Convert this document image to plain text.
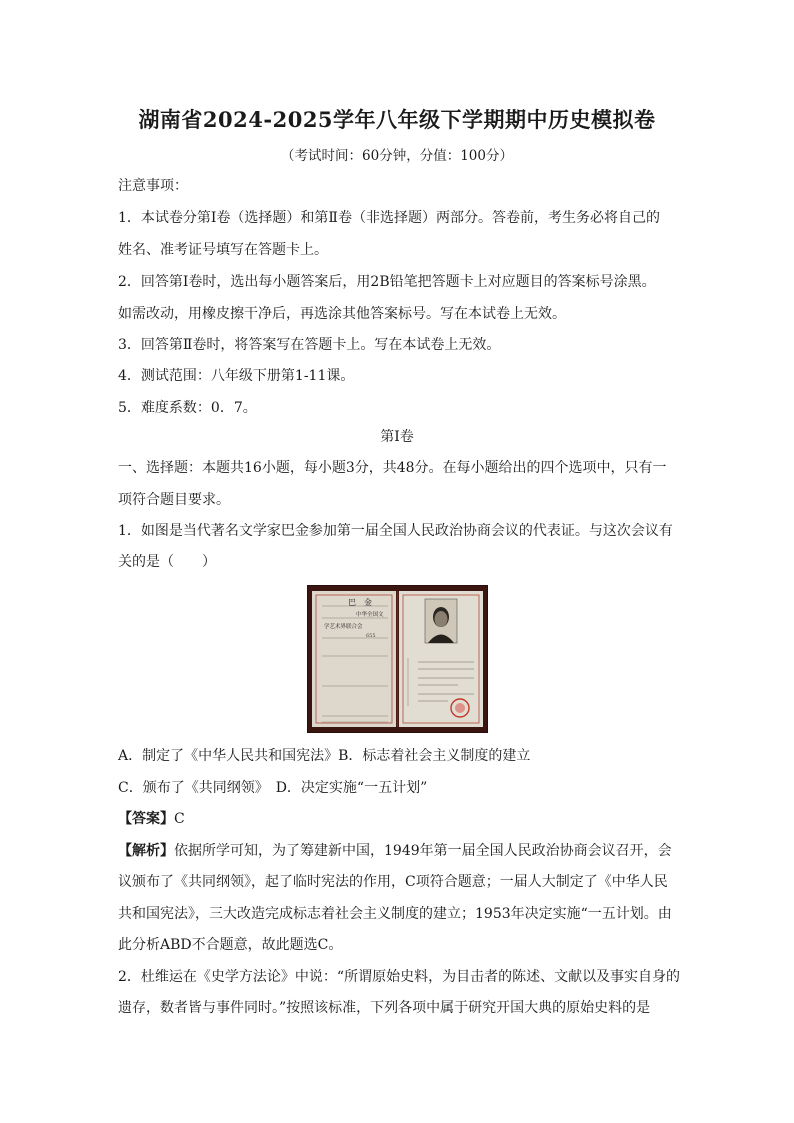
湖南省2024-2025学年八年级下学期期中历史模拟卷
（考试时间：60分钟，分值：100分）
注意事项：
1．本试卷分第Ⅰ卷（选择题）和第Ⅱ卷（非选择题）两部分。答卷前，考生务必将自己的
姓名、准考证号填写在答题卡上。
2．回答第Ⅰ卷时，选出每小题答案后，用2B铅笔把答题卡上对应题目的答案标号涂黑。
如需改动，用橡皮擦干净后，再选涂其他答案标号。写在本试卷上无效。
3．回答第Ⅱ卷时，将答案写在答题卡上。写在本试卷上无效。
4．测试范围：八年级下册第1-11课。
5．难度系数：0．7。
第Ⅰ卷
一、选择题：本题共16小题，每小题3分，共48分。在每小题给出的四个选项中，只有一
项符合题目要求。
1．如图是当代著名文学家巴金参加第一届全国人民政治协商会议的代表证。与这次会议有
关的是（　　）
巴　金
中华全国文
学艺术界联合会
655
A．制定了《中华人民共和国宪法》B．标志着社会主义制度的建立
C．颁布了《共同纲领》　D．决定实施“一五计划”
【答案】C
【解析】依据所学可知，为了筹建新中国，1949年第一届全国人民政治协商会议召开，会
议颁布了《共同纲领》，起了临时宪法的作用，C项符合题意；一届人大制定了《中华人民
共和国宪法》，三大改造完成标志着社会主义制度的建立；1953年决定实施“一五计划。由
此分析ABD不合题意，故此题选C。
2．杜维运在《史学方法论》中说：“所谓原始史料，为目击者的陈述、文献以及事实自身的
遗存，数者皆与事件同时。”按照该标准，下列各项中属于研究开国大典的原始史料的是
